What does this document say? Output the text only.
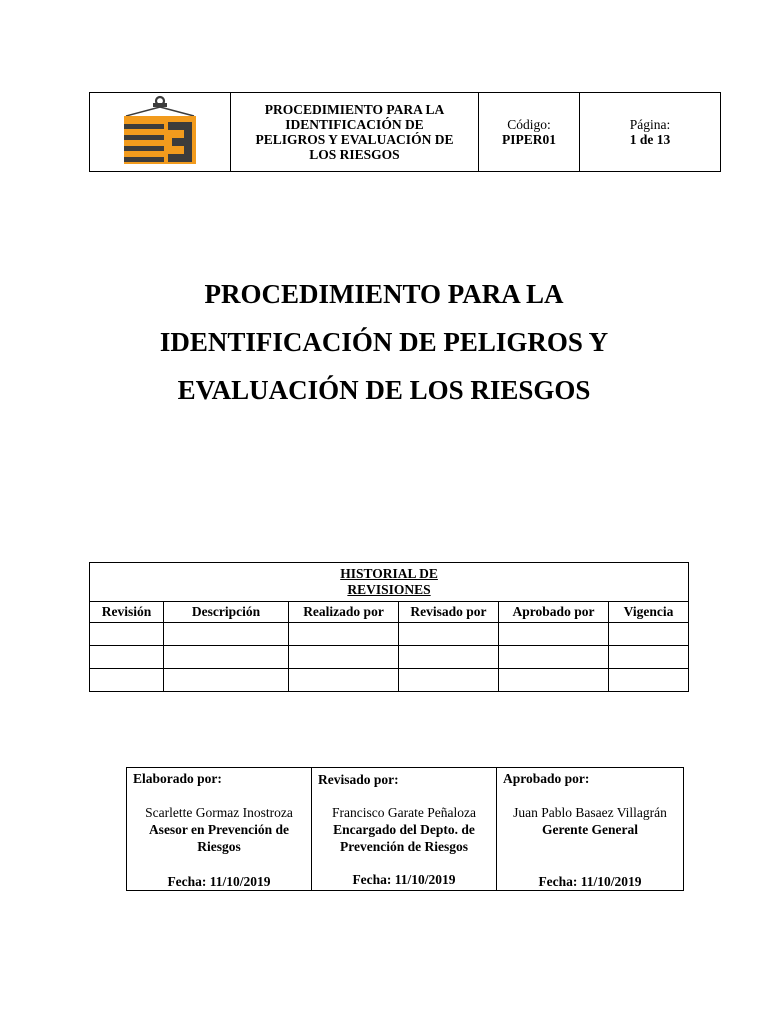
PROCEDIMIENTO PARA LA
IDENTIFICACIÓN DE
PELIGROS Y EVALUACIÓN DE
LOS RIESGOS

Código:
PIPER01

Página:
1 de 13
PROCEDIMIENTO PARA LA
IDENTIFICACIÓN DE PELIGROS Y
EVALUACIÓN DE LOS RIESGOS
HISTORIAL DE
REVISIONES					
Revisión	Descripción	Realizado por	Revisado por	Aprobado por	Vigencia

Elaborado por:
Scarlette Gormaz Inostroza
Asesor en Prevención de Riesgos
Fecha: 11/10/2019

Revisado por:
Francisco Garate Peñaloza
Encargado del Depto. de Prevención de Riesgos
Fecha: 11/10/2019

Aprobado por:
Juan Pablo Basaez Villagrán
Gerente General
Fecha: 11/10/2019
